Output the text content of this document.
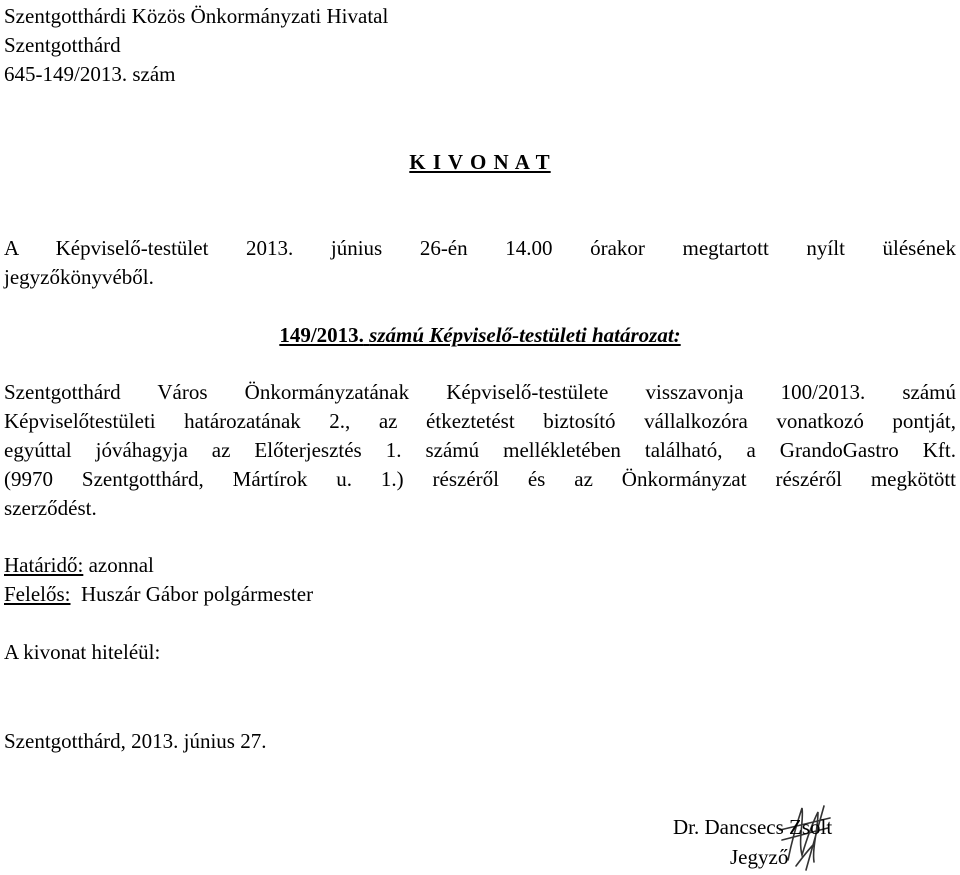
Szentgotthárdi Közös Önkormányzati Hivatal
Szentgotthárd
645-149/2013. szám
K I V O N A T
A Képviselő-testület 2013. június 26-én 14.00 órakor megtartott nyílt ülésének
jegyzőkönyvéből.
149/2013. számú Képviselő-testületi határozat:
Szentgotthárd Város Önkormányzatának Képviselő-testülete visszavonja 100/2013. számú
Képviselőtestületi határozatának 2., az étkeztetést biztosító vállalkozóra vonatkozó pontját,
egyúttal jóváhagyja az Előterjesztés 1. számú mellékletében található, a GrandoGastro Kft.
(9970 Szentgotthárd, Mártírok u. 1.) részéről és az Önkormányzat részéről megkötött
szerződést.
Határidő: azonnal
Felelős: Huszár Gábor polgármester
A kivonat hiteléül:
Szentgotthárd, 2013. június 27.
Dr. Dancsecs Zsolt
Jegyző
